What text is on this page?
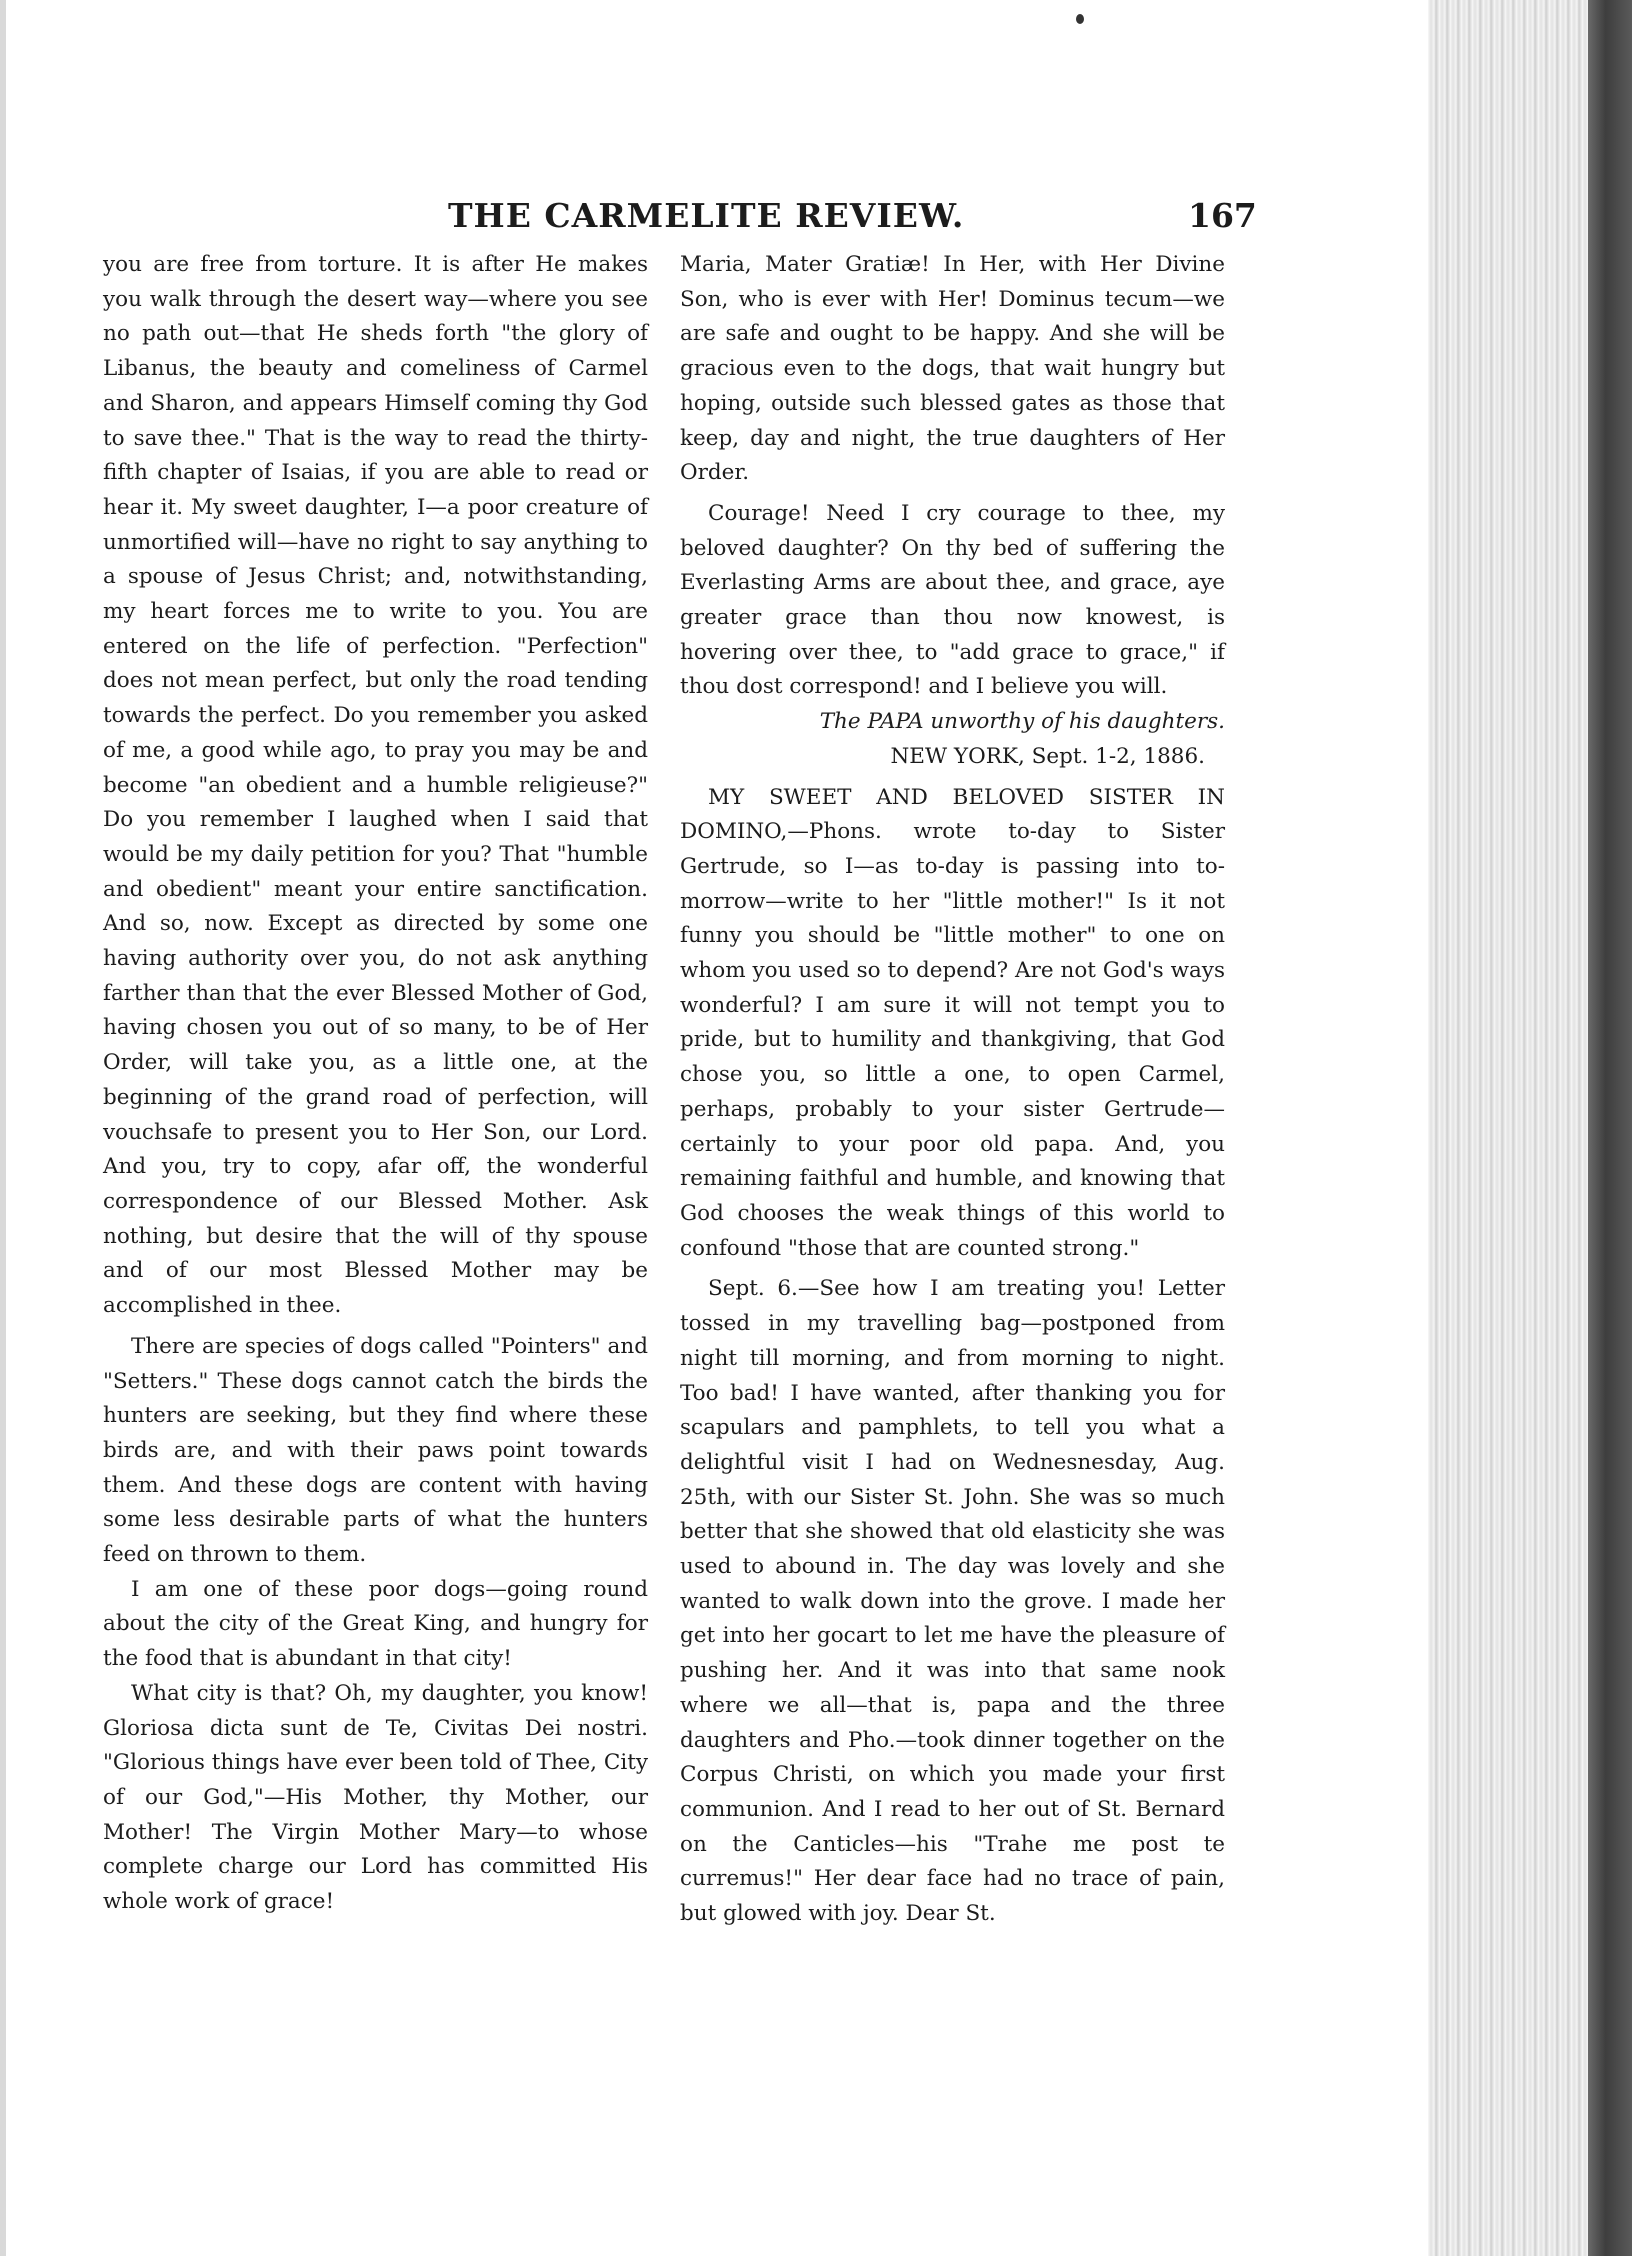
THE CARMELITE REVIEW.	167

you are free from torture. It is after He makes you walk through the desert way—where you see no path out—that He sheds forth "the glory of Libanus, the beauty and comeliness of Carmel and Sharon, and appears Himself coming thy God to save thee." That is the way to read the thirty-fifth chapter of Isaias, if you are able to read or hear it. My sweet daughter, I—a poor creature of unmortified will—have no right to say anything to a spouse of Jesus Christ; and, notwithstanding, my heart forces me to write to you. You are entered on the life of perfection. "Perfection" does not mean perfect, but only the road tending towards the perfect. Do you remember you asked of me, a good while ago, to pray you may be and become "an obedient and a humble religieuse?" Do you remember I laughed when I said that would be my daily petition for you? That "humble and obedient" meant your entire sanctification. And so, now. Except as directed by some one having authority over you, do not ask anything farther than that the ever Blessed Mother of God, having chosen you out of so many, to be of Her Order, will take you, as a little one, at the beginning of the grand road of perfection, will vouchsafe to present you to Her Son, our Lord. And you, try to copy, afar off, the wonderful correspondence of our Blessed Mother. Ask nothing, but desire that the will of thy spouse and of our most Blessed Mother may be accomplished in thee.

There are species of dogs called "Pointers" and "Setters." These dogs cannot catch the birds the hunters are seeking, but they find where these birds are, and with their paws point towards them. And these dogs are content with having some less desirable parts of what the hunters feed on thrown to them.

I am one of these poor dogs—going round about the city of the Great King, and hungry for the food that is abundant in that city!

What city is that? Oh, my daughter, you know! Gloriosa dicta sunt de Te, Civitas Dei nostri. "Glorious things have ever been told of Thee, City of our God,"—His Mother, thy Mother, our Mother! The Virgin Mother Mary—to whose complete charge our Lord has committed His whole work of grace!

Maria, Mater Gratiæ! In Her, with Her Divine Son, who is ever with Her! Dominus tecum—we are safe and ought to be happy. And she will be gracious even to the dogs, that wait hungry but hoping, outside such blessed gates as those that keep, day and night, the true daughters of Her Order.

Courage! Need I cry courage to thee, my beloved daughter? On thy bed of suffering the Everlasting Arms are about thee, and grace, aye greater grace than thou now knowest, is hovering over thee, to "add grace to grace," if thou dost correspond! and I believe you will.

The PAPA unworthy of his daughters.

NEW YORK, Sept. 1-2, 1886.

MY SWEET AND BELOVED SISTER IN DOMINO,—Phons. wrote to-day to Sister Gertrude, so I—as to-day is passing into to-morrow—write to her "little mother!" Is it not funny you should be "little mother" to one on whom you used so to depend? Are not God's ways wonderful? I am sure it will not tempt you to pride, but to humility and thankgiving, that God chose you, so little a one, to open Carmel, perhaps, probably to your sister Gertrude—certainly to your poor old papa. And, you remaining faithful and humble, and knowing that God chooses the weak things of this world to confound "those that are counted strong."

Sept. 6.—See how I am treating you! Letter tossed in my travelling bag—postponed from night till morning, and from morning to night. Too bad! I have wanted, after thanking you for scapulars and pamphlets, to tell you what a delightful visit I had on Wednesnesday, Aug. 25th, with our Sister St. John. She was so much better that she showed that old elasticity she was used to abound in. The day was lovely and she wanted to walk down into the grove. I made her get into her gocart to let me have the pleasure of pushing her. And it was into that same nook where we all—that is, papa and the three daughters and Pho.—took dinner together on the Corpus Christi, on which you made your first communion. And I read to her out of St. Bernard on the Canticles—his "Trahe me post te curremus!" Her dear face had no trace of pain, but glowed with joy. Dear St.
